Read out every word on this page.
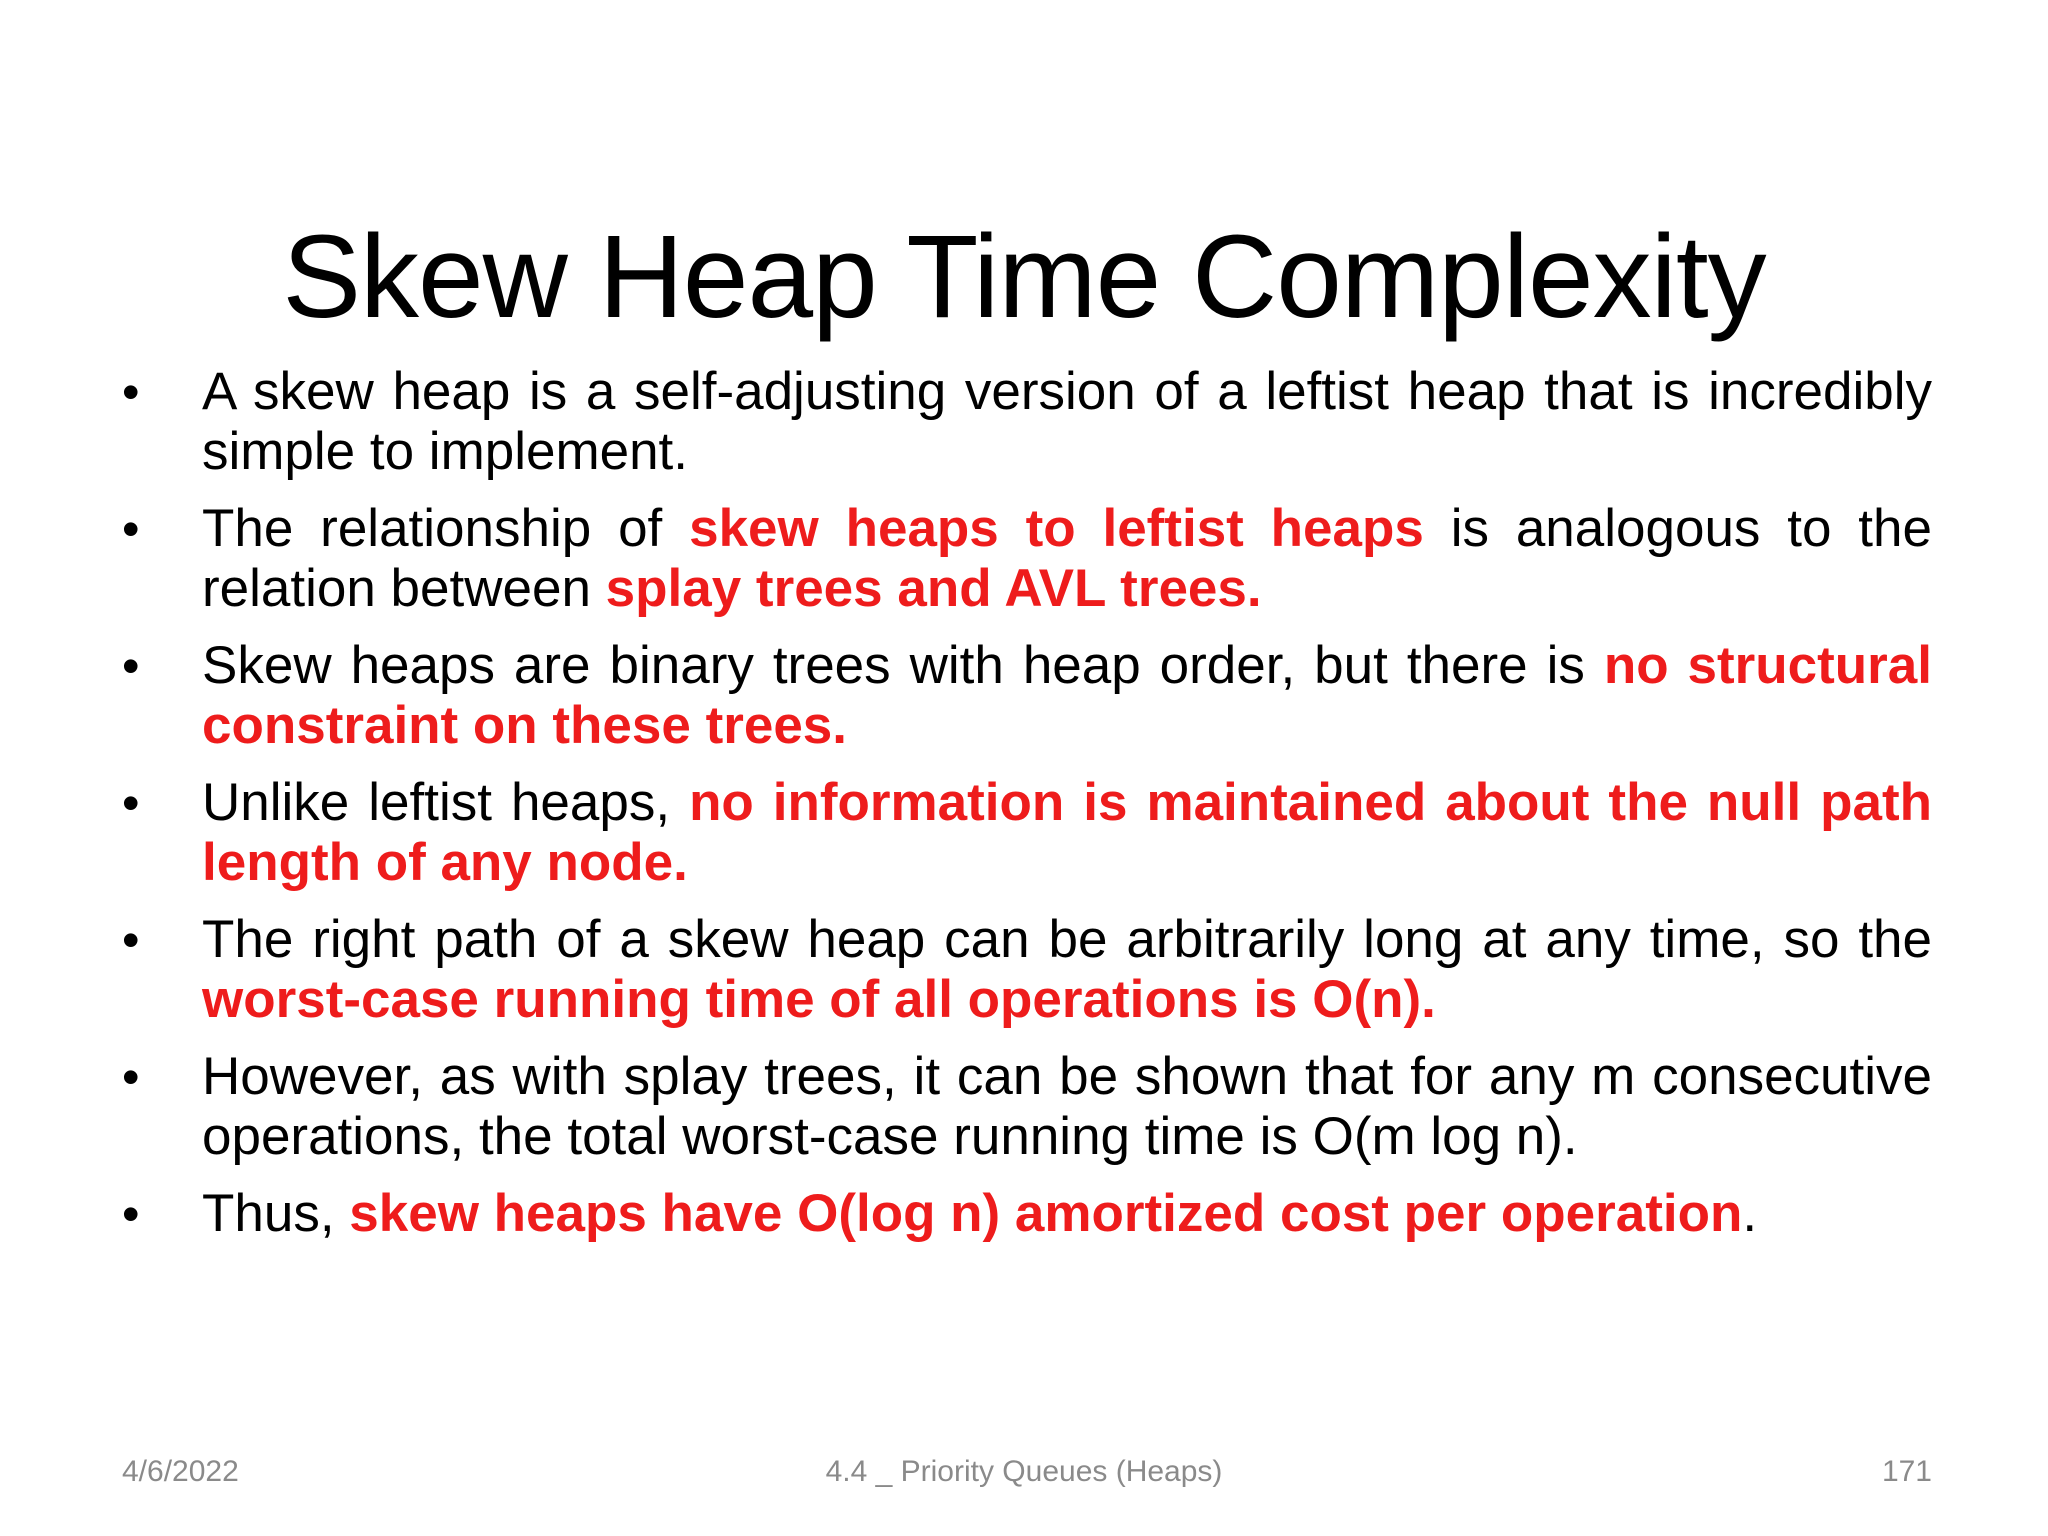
Skew Heap Time Complexity
• A skew heap is a self-adjusting version of a leftist heap that is incredibly simple to implement.
• The relationship of skew heaps to leftist heaps is analogous to the relation between splay trees and AVL trees.
• Skew heaps are binary trees with heap order, but there is no structural constraint on these trees.
• Unlike leftist heaps, no information is maintained about the null path length of any node.
• The right path of a skew heap can be arbitrarily long at any time, so the worst-case running time of all operations is O(n).
• However, as with splay trees, it can be shown that for any m consecutive operations, the total worst-case running time is O(m log n).
• Thus, skew heaps have O(log n) amortized cost per operation.
4/6/2022	4.4 _ Priority Queues (Heaps)	171
